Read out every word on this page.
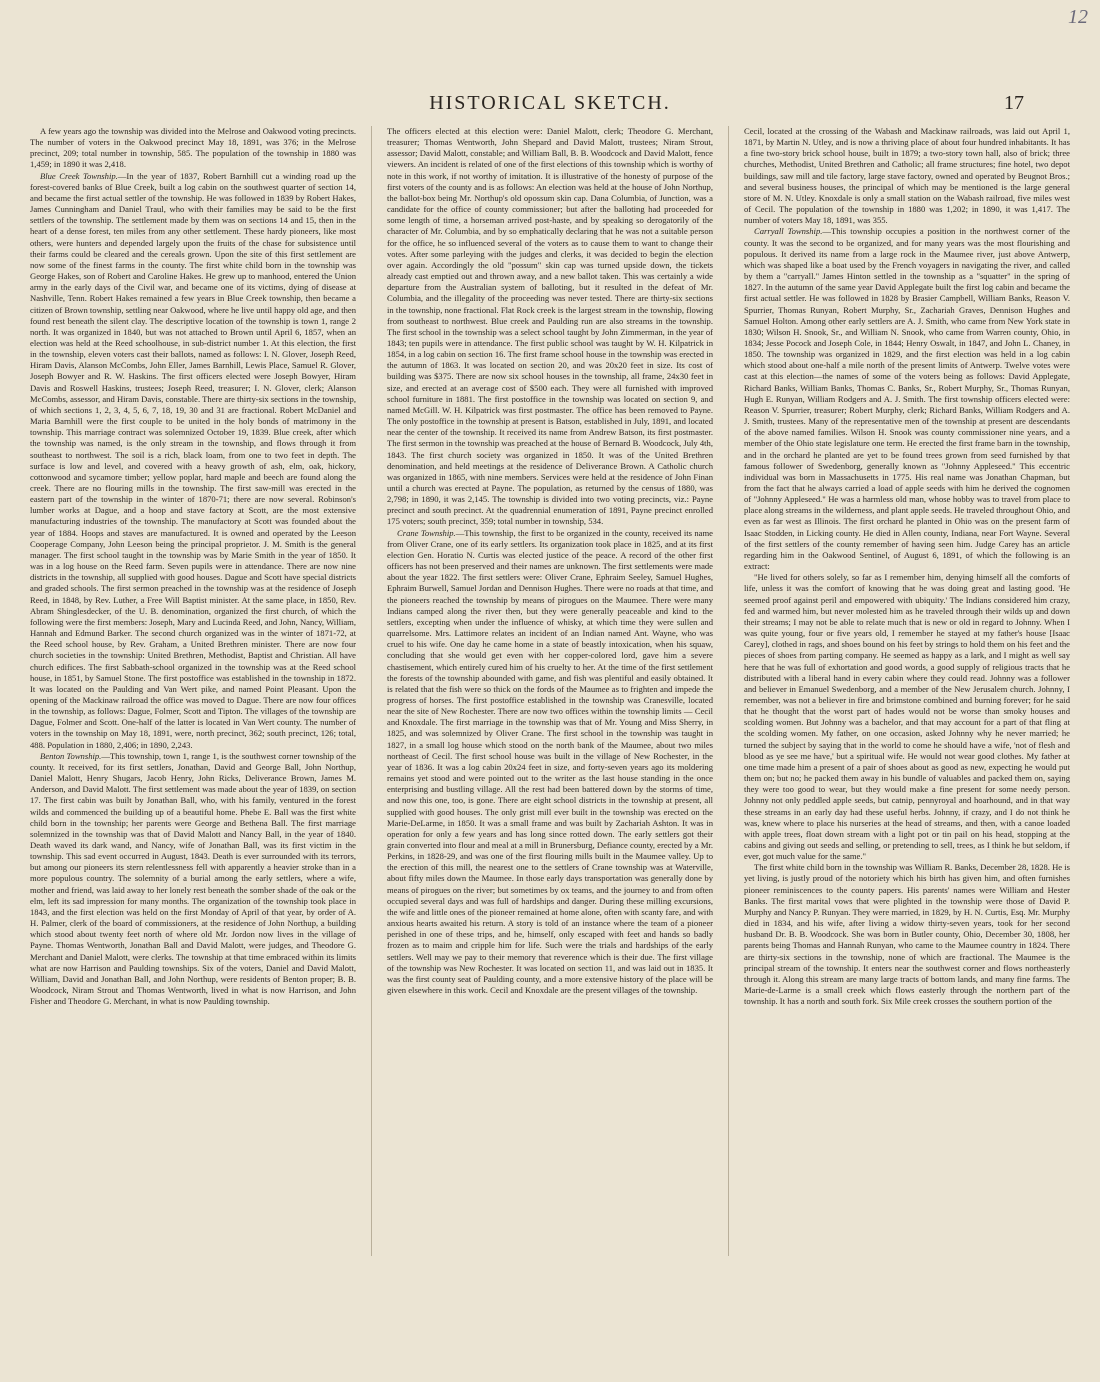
12
HISTORICAL SKETCH.	17

A few years ago the township was divided into the Melrose and Oakwood voting precincts. The number of voters in the Oakwood precinct May 18, 1891, was 376; in the Melrose precinct, 209; total number in township, 585. The population of the township in 1880 was 1,459; in 1890 it was 2,418.

Blue Creek Township.—In the year of 1837, Robert Barnhill cut a winding road up the forest-covered banks of Blue Creek, built a log cabin on the southwest quarter of section 14, and became the first actual settler of the township. He was followed in 1839 by Robert Hakes, James Cunningham and Daniel Traul, who with their families may be said to be the first settlers of the township. The settlement made by them was on sections 14 and 15, then in the heart of a dense forest, ten miles from any other settlement. These hardy pioneers, like most others, were hunters and depended largely upon the fruits of the chase for subsistence until their farms could be cleared and the cereals grown. Upon the site of this first settlement are now some of the finest farms in the county. The first white child born in the township was George Hakes, son of Robert and Caroline Hakes. He grew up to manhood, entered the Union army in the early days of the Civil war, and became one of its victims, dying of disease at Nashville, Tenn. Robert Hakes remained a few years in Blue Creek township, then became a citizen of Brown township, settling near Oakwood, where he live until happy old age, and then found rest beneath the silent clay. The descriptive location of the township is town 1, range 2 north. It was organized in 1840, but was not attached to Brown until April 6, 1857, when an election was held at the Reed schoolhouse, in sub-district number 1. At this election, the first in the township, eleven voters cast their ballots, named as follows: I. N. Glover, Joseph Reed, Hiram Davis, Alanson McCombs, John Eller, James Barnhill, Lewis Place, Samuel R. Glover, Joseph Bowyer and R. W. Haskins. The first officers elected were Joseph Bowyer, Hiram Davis and Roswell Haskins, trustees; Joseph Reed, treasurer; I. N. Glover, clerk; Alanson McCombs, assessor, and Hiram Davis, constable. There are thirty-six sections in the township, of which sections 1, 2, 3, 4, 5, 6, 7, 18, 19, 30 and 31 are fractional. Robert McDaniel and Maria Barnhill were the first couple to be united in the holy bonds of matrimony in the township. This marriage contract was solemnized October 19, 1839. Blue creek, after which the township was named, is the only stream in the township, and flows through it from southeast to northwest. The soil is a rich, black loam, from one to two feet in depth. The surface is low and level, and covered with a heavy growth of ash, elm, oak, hickory, cottonwood and sycamore timber; yellow poplar, hard maple and beech are found along the creek. There are no flouring mills in the township. The first saw-mill was erected in the eastern part of the township in the winter of 1870-71; there are now several. Robinson's lumber works at Dague, and a hoop and stave factory at Scott, are the most extensive manufacturing industries of the township. The manufactory at Scott was founded about the year of 1884. Hoops and staves are manufactured. It is owned and operated by the Leeson Cooperage Company, John Leeson being the principal proprietor. J. M. Smith is the general manager. The first school taught in the township was by Marie Smith in the year of 1850. It was in a log house on the Reed farm. Seven pupils were in attendance. There are now nine districts in the township, all supplied with good houses. Dague and Scott have special districts and graded schools. The first sermon preached in the township was at the residence of Joseph Reed, in 1848, by Rev. Luther, a Free Will Baptist minister. At the same place, in 1850, Rev. Abram Shinglesdecker, of the U. B. denomination, organized the first church, of which the following were the first members: Joseph, Mary and Lucinda Reed, and John, Nancy, William, Hannah and Edmund Barker. The second church organized was in the winter of 1871-72, at the Reed school house, by Rev. Graham, a United Brethren minister. There are now four church societies in the township: United Brethren, Methodist, Baptist and Christian. All have church edifices. The first Sabbath-school organized in the township was at the Reed school house, in 1851, by Samuel Stone. The first postoffice was established in the township in 1872. It was located on the Paulding and Van Wert pike, and named Point Pleasant. Upon the opening of the Mackinaw railroad the office was moved to Dague. There are now four offices in the township, as follows: Dague, Folmer, Scott and Tipton. The villages of the township are Dague, Folmer and Scott. One-half of the latter is located in Van Wert county. The number of voters in the township on May 18, 1891, were, north precinct, 362; south precinct, 126; total, 488. Population in 1880, 2,406; in 1890, 2,243.

Benton Township.—This township, town 1, range 1, is the southwest corner township of the county. It received, for its first settlers, Jonathan, David and George Ball, John Northup, Daniel Malott, Henry Shugars, Jacob Henry, John Ricks, Deliverance Brown, James M. Anderson, and David Malott. The first settlement was made about the year of 1839, on section 17. The first cabin was built by Jonathan Ball, who, with his family, ventured in the forest wilds and commenced the building up of a beautiful home. Phebe E. Ball was the first white child born in the township; her parents were George and Bethena Ball. The first marriage solemnized in the township was that of David Malott and Nancy Ball, in the year of 1840. Death waved its dark wand, and Nancy, wife of Jonathan Ball, was its first victim in the township. This sad event occurred in August, 1843. Death is ever surrounded with its terrors, but among our pioneers its stern relentlessness fell with apparently a heavier stroke than in a more populous country. The solemnity of a burial among the early settlers, where a wife, mother and friend, was laid away to her lonely rest beneath the somber shade of the oak or the elm, left its sad impression for many months. The organization of the township took place in 1843, and the first election was held on the first Monday of April of that year, by order of A. H. Palmer, clerk of the board of commissioners, at the residence of John Northup, a building which stood about twenty feet north of where old Mr. Jordon now lives in the village of Payne. Thomas Wentworth, Jonathan Ball and David Malott, were judges, and Theodore G. Merchant and Daniel Malott, were clerks. The township at that time embraced within its limits what are now Harrison and Paulding townships. Six of the voters, Daniel and David Malott, William, David and Jonathan Ball, and John Northup, were residents of Benton proper; B. B. Woodcock, Niram Strout and Thomas Wentworth, lived in what is now Harrison, and John Fisher and Theodore G. Merchant, in what is now Paulding township.

The officers elected at this election were: Daniel Malott, clerk; Theodore G. Merchant, treasurer; Thomas Wentworth, John Shepard and David Malott, trustees; Niram Strout, assessor; David Malott, constable; and William Ball, B. B. Woodcock and David Malott, fence viewers. An incident is related of one of the first elections of this township which is worthy of note in this work, if not worthy of imitation. It is illustrative of the honesty of purpose of the first voters of the county and is as follows: An election was held at the house of John Northup, the ballot-box being Mr. Northup's old opossum skin cap. Dana Columbia, of Junction, was a candidate for the office of county commissioner; but after the balloting had proceeded for some length of time, a horseman arrived post-haste, and by speaking so derogatorily of the character of Mr. Columbia, and by so emphatically declaring that he was not a suitable person for the office, he so influenced several of the voters as to cause them to want to change their votes. After some parleying with the judges and clerks, it was decided to begin the election over again. Accordingly the old "possum" skin cap was turned upside down, the tickets already cast emptied out and thrown away, and a new ballot taken. This was certainly a wide departure from the Australian system of balloting, but it resulted in the defeat of Mr. Columbia, and the illegality of the proceeding was never tested. There are thirty-six sections in the township, none fractional. Flat Rock creek is the largest stream in the township, flowing from southeast to northwest. Blue creek and Paulding run are also streams in the township. The first school in the township was a select school taught by John Zimmerman, in the year of 1843; ten pupils were in attendance. The first public school was taught by W. H. Kilpatrick in 1854, in a log cabin on section 16. The first frame school house in the township was erected in the autumn of 1863. It was located on section 20, and was 20x20 feet in size. Its cost of building was $375. There are now six school houses in the township, all frame, 24x30 feet in size, and erected at an average cost of $500 each. They were all furnished with improved school furniture in 1881. The first postoffice in the township was located on section 9, and named McGill. W. H. Kilpatrick was first postmaster. The office has been removed to Payne. The only postoffice in the township at present is Batson, established in July, 1891, and located near the center of the township. It received its name from Andrew Batson, its first postmaster. The first sermon in the township was preached at the house of Bernard B. Woodcock, July 4th, 1843. The first church society was organized in 1850. It was of the United Brethren denomination, and held meetings at the residence of Deliverance Brown. A Catholic church was organized in 1865, with nine members. Services were held at the residence of John Finan until a church was erected at Payne. The population, as returned by the census of 1880, was 2,798; in 1890, it was 2,145. The township is divided into two voting precincts, viz.: Payne precinct and south precinct. At the quadrennial enumeration of 1891, Payne precinct enrolled 175 voters; south precinct, 359; total number in township, 534.

Crane Township.—This township, the first to be organized in the county, received its name from Oliver Crane, one of its early settlers. Its organization took place in 1825, and at its first election Gen. Horatio N. Curtis was elected justice of the peace. A record of the other first officers has not been preserved and their names are unknown. The first settlements were made about the year 1822. The first settlers were: Oliver Crane, Ephraim Seeley, Samuel Hughes, Ephraim Burwell, Samuel Jordan and Dennison Hughes. There were no roads at that time, and the pioneers reached the township by means of pirogues on the Maumee. There were many Indians camped along the river then, but they were generally peaceable and kind to the settlers, excepting when under the influence of whisky, at which time they were sullen and quarrelsome. Mrs. Lattimore relates an incident of an Indian named Ant. Wayne, who was cruel to his wife. One day he came home in a state of beastly intoxication, when his squaw, concluding that she would get even with her copper-colored lord, gave him a severe chastisement, which entirely cured him of his cruelty to her. At the time of the first settlement the forests of the township abounded with game, and fish was plentiful and easily obtained. It is related that the fish were so thick on the fords of the Maumee as to frighten and impede the progress of horses. The first postoffice established in the township was Cranesville, located near the site of New Rochester. There are now two offices within the township limits — Cecil and Knoxdale. The first marriage in the township was that of Mr. Young and Miss Sherry, in 1825, and was solemnized by Oliver Crane. The first school in the township was taught in 1827, in a small log house which stood on the north bank of the Maumee, about two miles northeast of Cecil. The first school house was built in the village of New Rochester, in the year of 1836. It was a log cabin 20x24 feet in size, and forty-seven years ago its moldering remains yet stood and were pointed out to the writer as the last house standing in the once enterprising and bustling village. All the rest had been battered down by the storms of time, and now this one, too, is gone. There are eight school districts in the township at present, all supplied with good houses. The only grist mill ever built in the township was erected on the Marie-DeLarme, in 1850. It was a small frame and was built by Zachariah Ashton. It was in operation for only a few years and has long since rotted down. The early settlers got their grain converted into flour and meal at a mill in Brunersburg, Defiance county, erected by a Mr. Perkins, in 1828-29, and was one of the first flouring mills built in the Maumee valley. Up to the erection of this mill, the nearest one to the settlers of Crane township was at Waterville, about fifty miles down the Maumee. In those early days transportation was generally done by means of pirogues on the river; but sometimes by ox teams, and the journey to and from often occupied several days and was full of hardships and danger. During these milling excursions, the wife and little ones of the pioneer remained at home alone, often with scanty fare, and with anxious hearts awaited his return. A story is told of an instance where the team of a pioneer perished in one of these trips, and he, himself, only escaped with feet and hands so badly frozen as to maim and cripple him for life. Such were the trials and hardships of the early settlers. Well may we pay to their memory that reverence which is their due. The first village of the township was New Rochester. It was located on section 11, and was laid out in 1835. It was the first county seat of Paulding county, and a more extensive history of the place will be given elsewhere in this work. Cecil and Knoxdale are the present villages of the township.

Cecil, located at the crossing of the Wabash and Mackinaw railroads, was laid out April 1, 1871, by Martin N. Utley, and is now a thriving place of about four hundred inhabitants. It has a fine two-story brick school house, built in 1879; a two-story town hall, also of brick; three churches, Methodist, United Brethren and Catholic; all frame structures; fine hotel, two depot buildings, saw mill and tile factory, large stave factory, owned and operated by Beugnot Bros.; and several business houses, the principal of which may be mentioned is the large general store of M. N. Utley. Knoxdale is only a small station on the Wabash railroad, five miles west of Cecil. The population of the township in 1880 was 1,202; in 1890, it was 1,417. The number of voters May 18, 1891, was 355.

Carryall Township.—This township occupies a position in the northwest corner of the county. It was the second to be organized, and for many years was the most flourishing and populous. It derived its name from a large rock in the Maumee river, just above Antwerp, which was shaped like a boat used by the French voyagers in navigating the river, and called by them a "carryall." James Hinton settled in the township as a "squatter" in the spring of 1827. In the autumn of the same year David Applegate built the first log cabin and became the first actual settler. He was followed in 1828 by Brasier Campbell, William Banks, Reason V. Spurrier, Thomas Runyan, Robert Murphy, Sr., Zachariah Graves, Dennison Hughes and Samuel Holton. Among other early settlers are A. J. Smith, who came from New York state in 1830; Wilson H. Snook, Sr., and William N. Snook, who came from Warren county, Ohio, in 1834; Jesse Pocock and Joseph Cole, in 1844; Henry Oswalt, in 1847, and John L. Chaney, in 1850. The township was organized in 1829, and the first election was held in a log cabin which stood about one-half a mile north of the present limits of Antwerp. Twelve votes were cast at this election—the names of some of the voters being as follows: David Applegate, Richard Banks, William Banks, Thomas C. Banks, Sr., Robert Murphy, Sr., Thomas Runyan, Hugh E. Runyan, William Rodgers and A. J. Smith. The first township officers elected were: Reason V. Spurrier, treasurer; Robert Murphy, clerk; Richard Banks, William Rodgers and A. J. Smith, trustees. Many of the representative men of the township at present are descendants of the above named families. Wilson H. Snook was county commissioner nine years, and a member of the Ohio state legislature one term. He erected the first frame barn in the township, and in the orchard he planted are yet to be found trees grown from seed furnished by that famous follower of Swedenborg, generally known as "Johnny Appleseed." This eccentric individual was born in Massachusetts in 1775. His real name was Jonathan Chapman, but from the fact that he always carried a load of apple seeds with him he derived the cognomen of "Johnny Appleseed." He was a harmless old man, whose hobby was to travel from place to place along streams in the wilderness, and plant apple seeds. He traveled throughout Ohio, and even as far west as Illinois. The first orchard he planted in Ohio was on the present farm of Isaac Stodden, in Licking county. He died in Allen county, Indiana, near Fort Wayne. Several of the first settlers of the county remember of having seen him. Judge Carey has an article regarding him in the Oakwood Sentinel, of August 6, 1891, of which the following is an extract:

"He lived for others solely, so far as I remember him, denying himself all the comforts of life, unless it was the comfort of knowing that he was doing great and lasting good. 'He seemed proof against peril and empowered with ubiquity.' The Indians considered him crazy, fed and warmed him, but never molested him as he traveled through their wilds up and down their streams; I may not be able to relate much that is new or old in regard to Johnny. When I was quite young, four or five years old, I remember he stayed at my father's house [Isaac Carey], clothed in rags, and shoes bound on his feet by strings to hold them on his feet and the pieces of shoes from parting company. He seemed as happy as a lark, and I might as well say here that he was full of exhortation and good words, a good supply of religious tracts that he distributed with a liberal hand in every cabin where they could read. Johnny was a follower and believer in Emanuel Swedenborg, and a member of the New Jerusalem church. Johnny, I remember, was not a believer in fire and brimstone combined and burning forever; for he said that he thought that the worst part of hades would not be worse than smoky houses and scolding women. But Johnny was a bachelor, and that may account for a part of that fling at the scolding women. My father, on one occasion, asked Johnny why he never married; he turned the subject by saying that in the world to come he should have a wife, 'not of flesh and blood as ye see me have,' but a spiritual wife. He would not wear good clothes. My father at one time made him a present of a pair of shoes about as good as new, expecting he would put them on; but no; he packed them away in his bundle of valuables and packed them on, saying they were too good to wear, but they would make a fine present for some needy person. Johnny not only peddled apple seeds, but catnip, pennyroyal and hoarhound, and in that way these streams in an early day had these useful herbs. Johnny, if crazy, and I do not think he was, knew where to place his nurseries at the head of streams, and then, with a canoe loaded with apple trees, float down stream with a light pot or tin pail on his head, stopping at the cabins and giving out seeds and selling, or pretending to sell, trees, as I think he but seldom, if ever, got much value for the same."

The first white child born in the township was William R. Banks, December 28, 1828. He is yet living, is justly proud of the notoriety which his birth has given him, and often furnishes pioneer reminiscences to the county papers. His parents' names were William and Hester Banks. The first marital vows that were plighted in the township were those of David P. Murphy and Nancy P. Runyan. They were married, in 1829, by H. N. Curtis, Esq. Mr. Murphy died in 1834, and his wife, after living a widow thirty-seven years, took for her second husband Dr. B. B. Woodcock. She was born in Butler county, Ohio, December 30, 1808, her parents being Thomas and Hannah Runyan, who came to the Maumee country in 1824. There are thirty-six sections in the township, none of which are fractional. The Maumee is the principal stream of the township. It enters near the southwest corner and flows northeasterly through it. Along this stream are many large tracts of bottom lands, and many fine farms. The Marie-de-Larme is a small creek which flows easterly through the northern part of the township. It has a north and south fork. Six Mile creek crosses the southern portion of the
